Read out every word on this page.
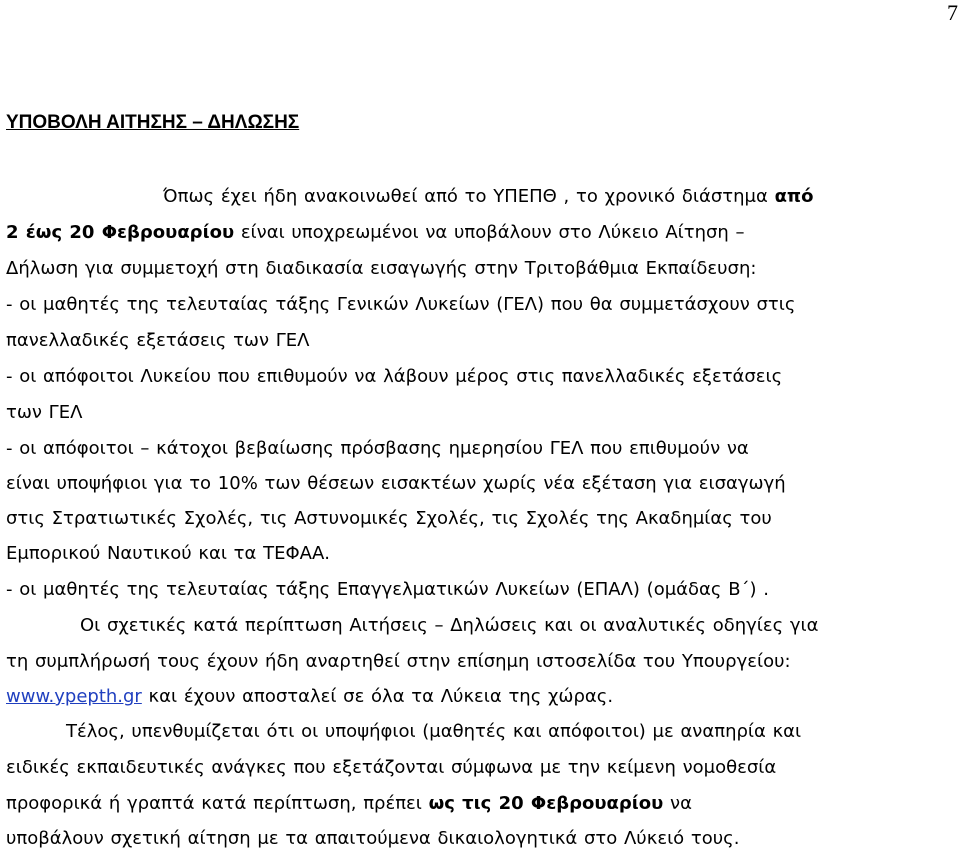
7
ΥΠΟΒΟΛΗ ΑΙΤΗΣΗΣ – ΔΗΛΩΣΗΣ
Όπως έχει ήδη ανακοινωθεί από το ΥΠΕΠΘ , το χρονικό διάστημα από
2 έως 20 Φεβρουαρίου είναι υποχρεωμένοι να υποβάλουν στο Λύκειο Αίτηση –
Δήλωση για συμμετοχή στη διαδικασία εισαγωγής στην Τριτοβάθμια Εκπαίδευση:
- οι μαθητές της τελευταίας τάξης Γενικών Λυκείων (ΓΕΛ) που θα συμμετάσχουν στις
πανελλαδικές εξετάσεις των ΓΕΛ
- οι απόφοιτοι Λυκείου που επιθυμούν να λάβουν μέρος στις πανελλαδικές εξετάσεις
των ΓΕΛ
- οι απόφοιτοι – κάτοχοι βεβαίωσης πρόσβασης ημερησίου ΓΕΛ που επιθυμούν να
είναι υποψήφιοι για το 10% των θέσεων εισακτέων χωρίς νέα εξέταση για εισαγωγή
στις Στρατιωτικές Σχολές, τις Αστυνομικές Σχολές, τις Σχολές της Ακαδημίας του
Εμπορικού Ναυτικού και τα ΤΕΦΑΑ.
- οι μαθητές της τελευταίας τάξης Επαγγελματικών Λυκείων (ΕΠΑΛ) (ομάδας Β΄) .
Οι σχετικές κατά περίπτωση Αιτήσεις – Δηλώσεις και οι αναλυτικές οδηγίες για
τη συμπλήρωσή τους έχουν ήδη αναρτηθεί στην επίσημη ιστοσελίδα του Υπουργείου:
www.ypepth.gr και έχουν αποσταλεί σε όλα τα Λύκεια της χώρας.
Τέλος, υπενθυμίζεται ότι οι υποψήφιοι (μαθητές και απόφοιτοι) με αναπηρία και
ειδικές εκπαιδευτικές ανάγκες που εξετάζονται σύμφωνα με την κείμενη νομοθεσία
προφορικά ή γραπτά κατά περίπτωση, πρέπει ως τις 20 Φεβρουαρίου να
υποβάλουν σχετική αίτηση με τα απαιτούμενα δικαιολογητικά στο Λύκειό τους.
